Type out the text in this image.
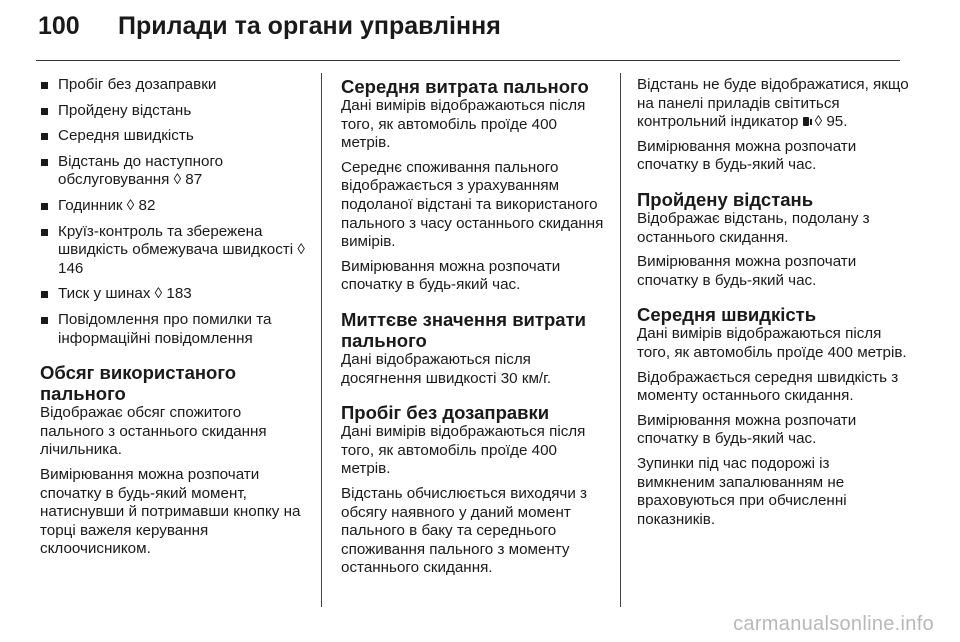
100 Прилади та органи управління
Пробіг без дозаправки
Пройдену відстань
Середня швидкість
Відстань до наступного обслуговування ◊ 87
Годинник ◊ 82
Круїз-контроль та збережена швидкість обмежувача швидкості ◊ 146
Тиск у шинах ◊ 183
Повідомлення про помилки та інформаційні повідомлення
Обсяг використаного пального

Відображає обсяг спожитого пального з останнього скидання лічильника.

Вимірювання можна розпочати спочатку в будь-який момент, натиснувши й потримавши кнопку на торці важеля керування склоочисником.

Середня витрата пального

Дані вимірів відображаються після того, як автомобіль проїде 400 метрів.

Середнє споживання пального відображається з урахуванням подоланої відстані та використаного пального з часу останнього скидання вимірів.

Вимірювання можна розпочати спочатку в будь-який час.

Миттєве значення витрати пального

Дані відображаються після досягнення швидкості 30 км/г.

Пробіг без дозаправки

Дані вимірів відображаються після того, як автомобіль проїде 400 метрів.

Відстань обчислюється виходячи з обсягу наявного у даний момент пального в баку та середнього споживання пального з моменту останнього скидання.

Відстань не буде відображатися, якщо на панелі приладів світиться контрольний індикатор ◊ 95.

Вимірювання можна розпочати спочатку в будь-який час.

Пройдену відстань

Відображає відстань, подолану з останнього скидання.

Вимірювання можна розпочати спочатку в будь-який час.

Середня швидкість

Дані вимірів відображаються після того, як автомобіль проїде 400 метрів.

Відображається середня швидкість з моменту останнього скидання.

Вимірювання можна розпочати спочатку в будь-який час.

Зупинки під час подорожі із вимкненим запалюванням не враховуються при обчисленні показників.

carmanualsonline.info
